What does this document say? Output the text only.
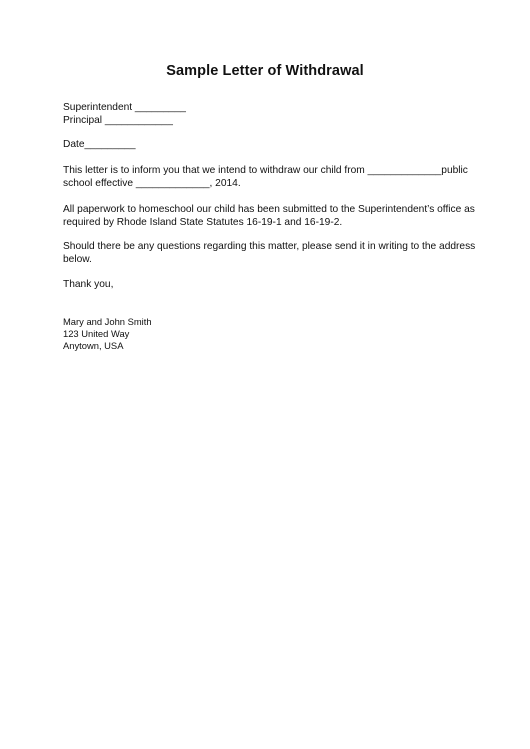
Sample Letter of Withdrawal
Superintendent _________
Principal ____________
Date_________
This letter is to inform you that we intend to withdraw our child from _____________public
school effective _____________, 2014.
All paperwork to homeschool our child has been submitted to the Superintendent’s office as
required by Rhode Island State Statutes 16-19-1 and 16-19-2.
Should there be any questions regarding this matter, please send it in writing to the address
below.
Thank you,
Mary and John Smith
123 United Way
Anytown, USA
